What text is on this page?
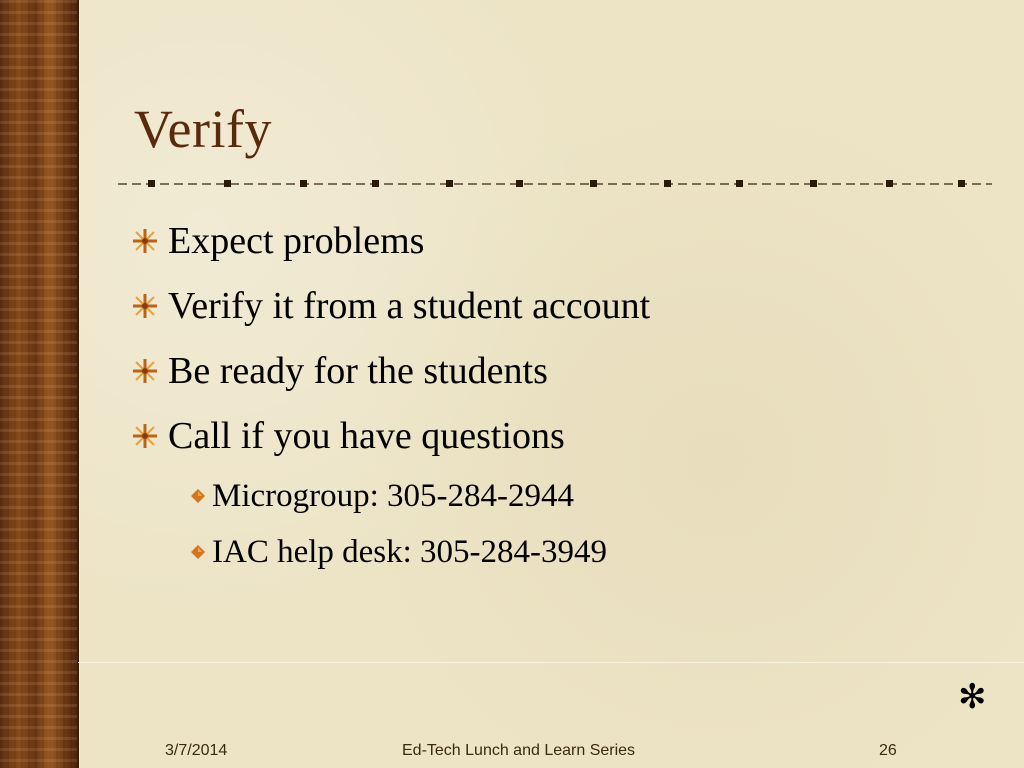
Verify
Expect problems
Verify it from a student account
Be ready for the students
Call if you have questions
Microgroup: 305-284-2944
IAC help desk: 305-284-3949
✻
3/7/2014	Ed-Tech Lunch and Learn Series	26
